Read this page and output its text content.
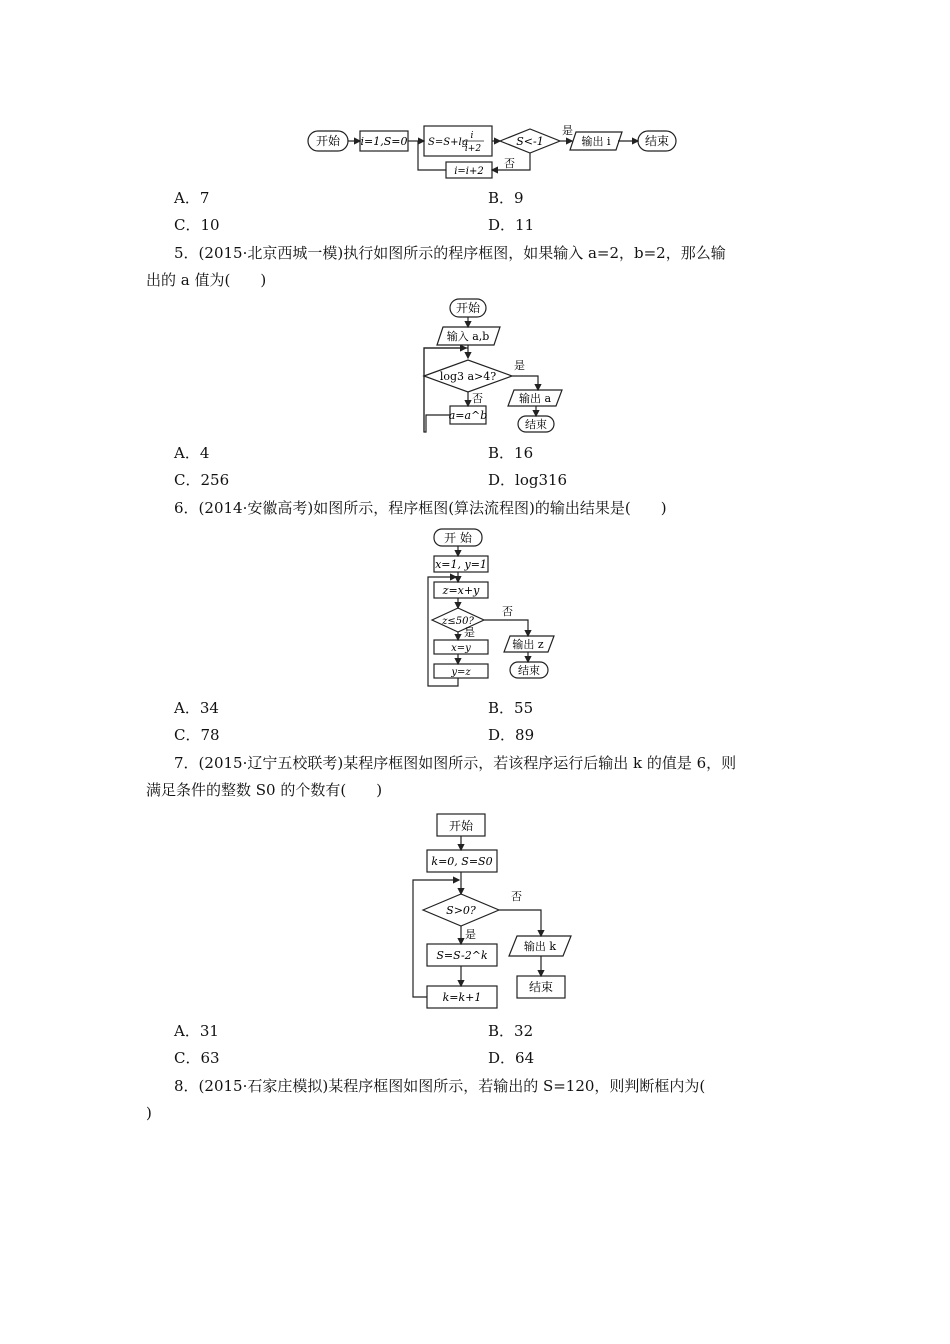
开始 i=1,S=0 S=S+lg
i
i+2
S<-1
是
输出 i	结束
否
i=i+2
A．7	B．9
C．10	D．11
5．(2015·北京西城一模)执行如图所示的程序框图，如果输入 a=2，b=2，那么输
出的 a 值为(　　)
开始
输入 a,b
log3 a>4?
是
输出 a
结束
否
a=a^b
A．4	B．16
C．256	D．log316
6．(2014·安徽高考)如图所示，程序框图(算法流程图)的输出结果是(　　)
开 始
x=1, y=1
z=x+y
z≤50?
否
输出 z
结束
是
x=y
y=z
A．34	B．55
C．78	D．89
7．(2015·辽宁五校联考)某程序框图如图所示，若该程序运行后输出 k 的值是 6，则
满足条件的整数 S0 的个数有(　　)
开始
k=0, S=S0
S>0?
否
输出 k
结束
是
S=S-2^k
k=k+1
A．31	B．32
C．63	D．64
8．(2015·石家庄模拟)某程序框图如图所示，若输出的 S=120，则判断框内为(
)
